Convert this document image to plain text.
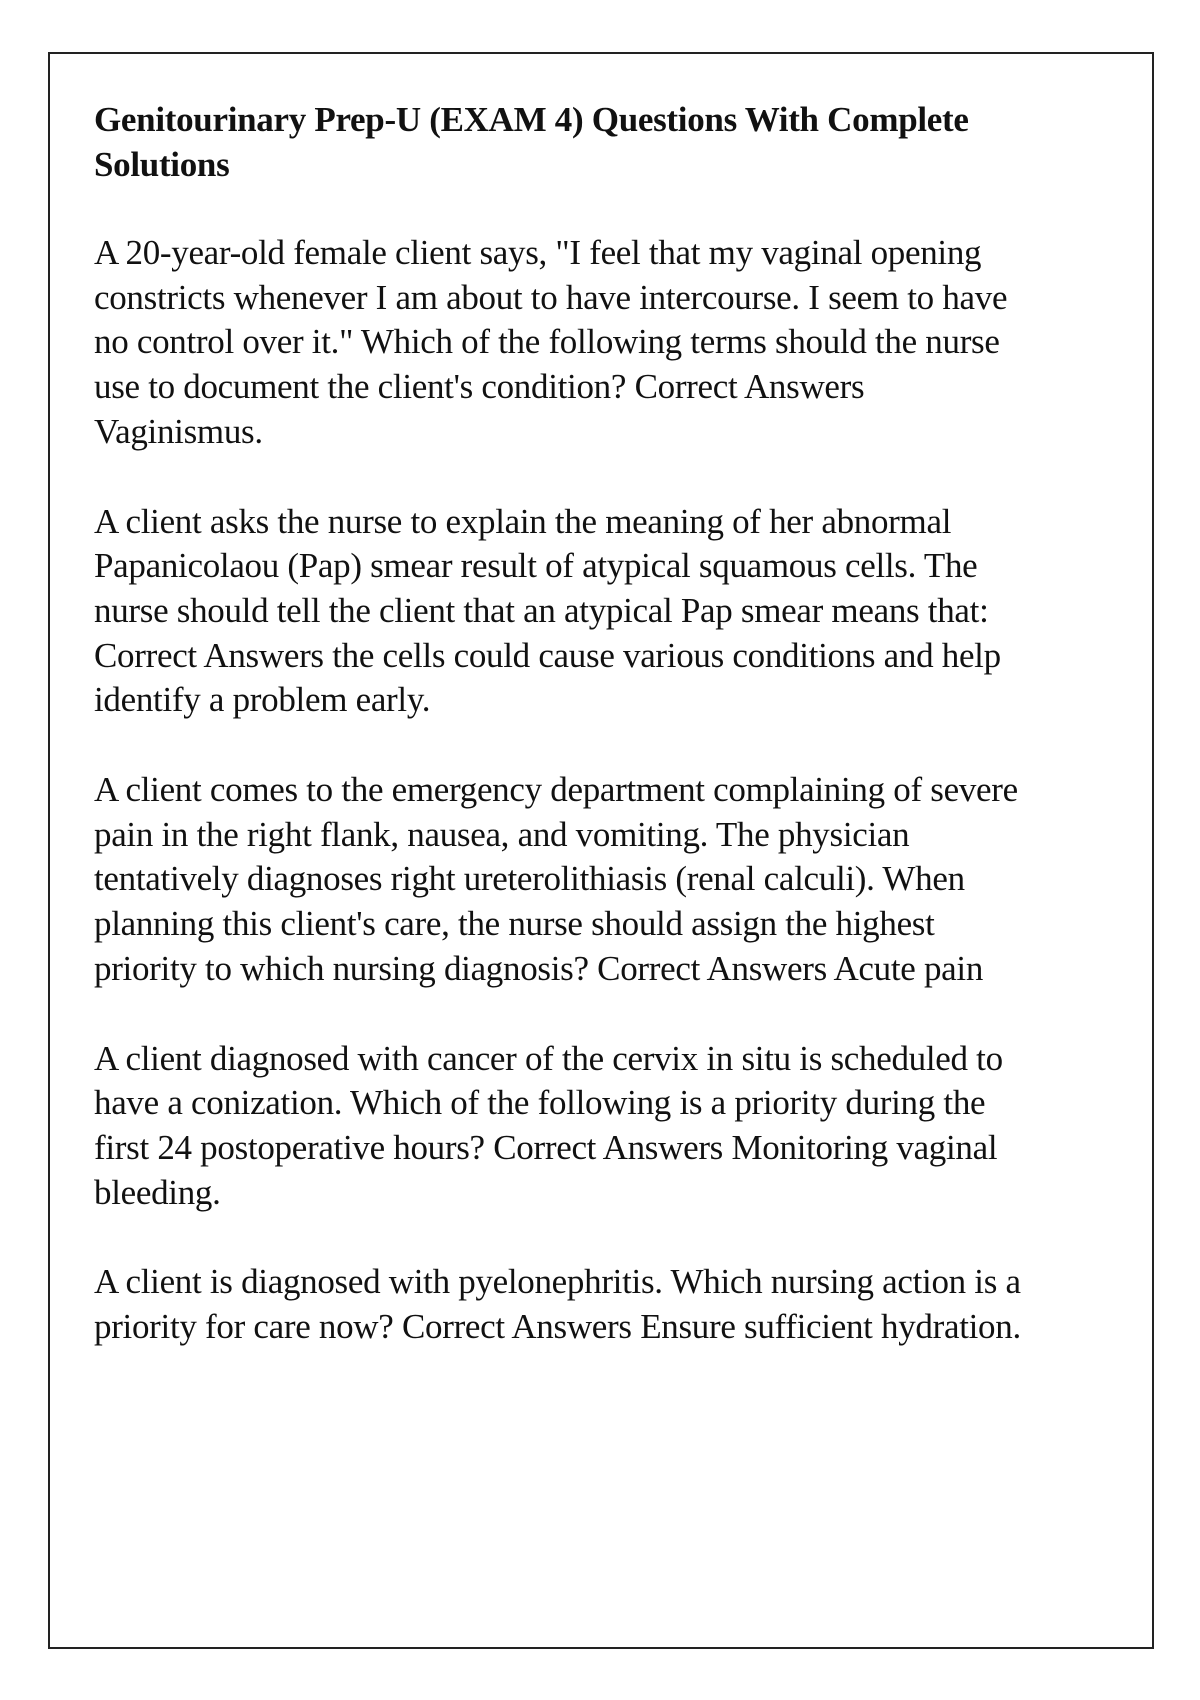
Genitourinary Prep-U (EXAM 4) Questions With Complete Solutions

A 20-year-old female client says, "I feel that my vaginal opening constricts whenever I am about to have intercourse. I seem to have no control over it." Which of the following terms should the nurse use to document the client's condition? Correct Answers Vaginismus.

A client asks the nurse to explain the meaning of her abnormal Papanicolaou (Pap) smear result of atypical squamous cells. The nurse should tell the client that an atypical Pap smear means that: Correct Answers the cells could cause various conditions and help identify a problem early.

A client comes to the emergency department complaining of severe pain in the right flank, nausea, and vomiting. The physician tentatively diagnoses right ureterolithiasis (renal calculi). When planning this client's care, the nurse should assign the highest priority to which nursing diagnosis? Correct Answers Acute pain

A client diagnosed with cancer of the cervix in situ is scheduled to have a conization. Which of the following is a priority during the first 24 postoperative hours? Correct Answers Monitoring vaginal bleeding.

A client is diagnosed with pyelonephritis. Which nursing action is a priority for care now? Correct Answers Ensure sufficient hydration.
